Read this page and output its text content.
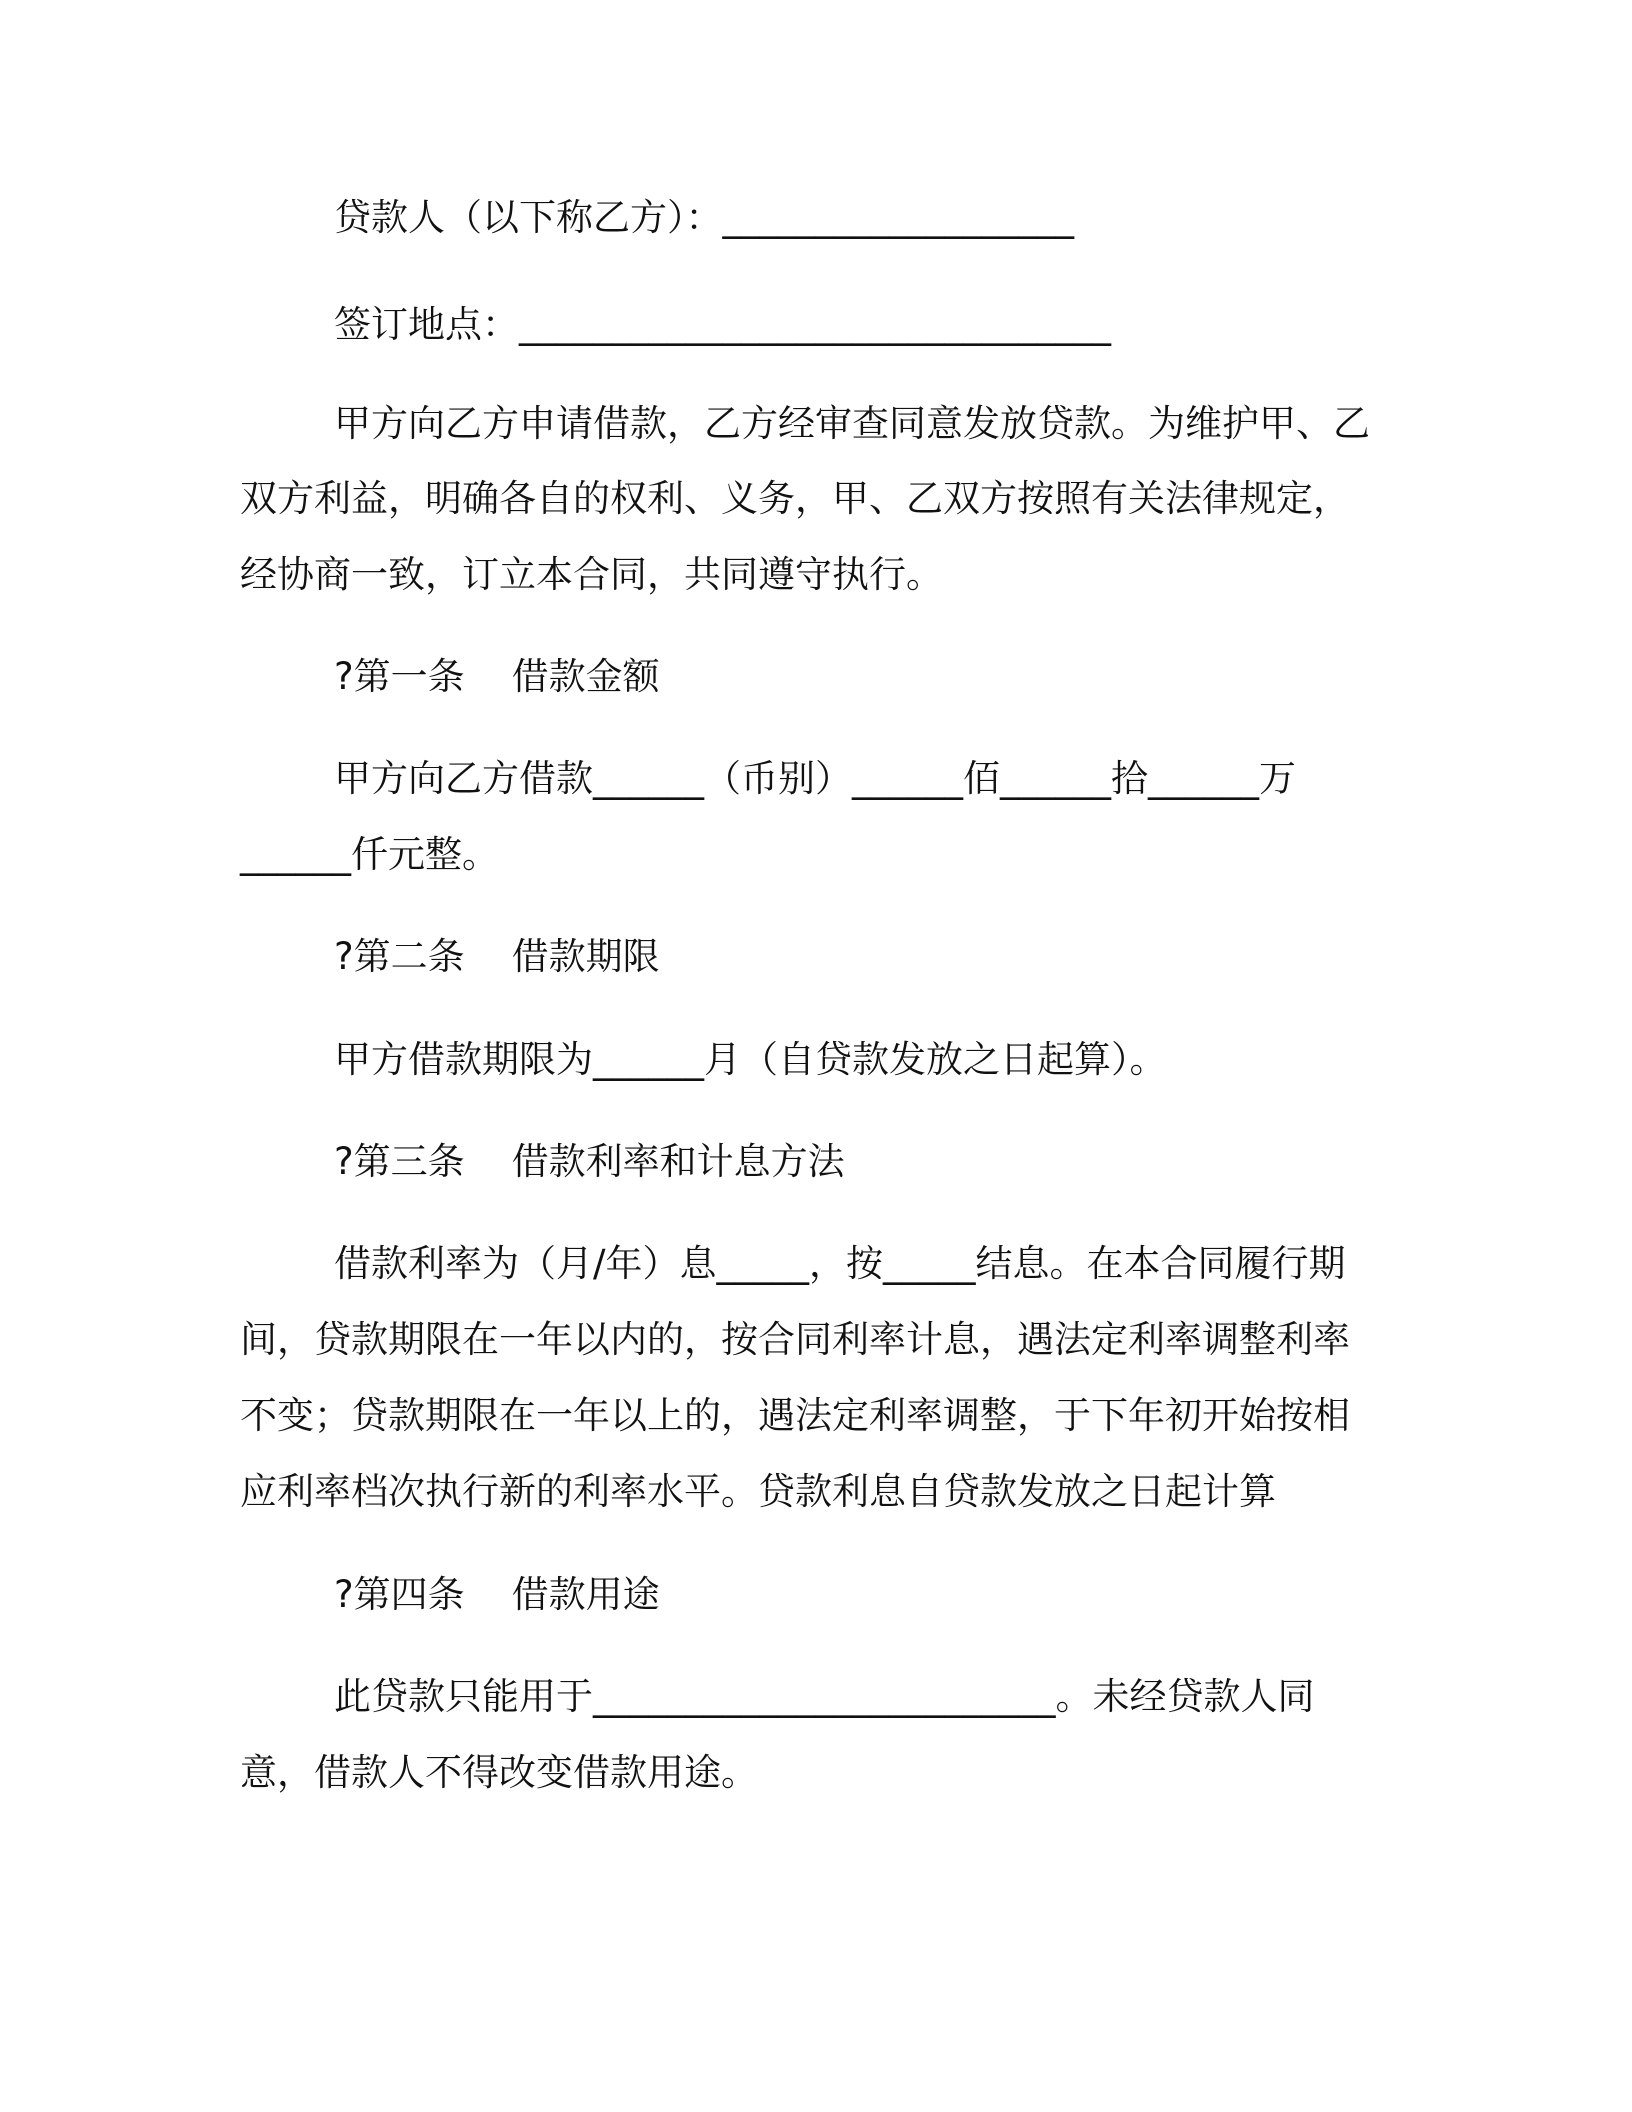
贷款人（以下称乙方）：___________________

签订地点：________________________________

甲方向乙方申请借款，乙方经审查同意发放贷款。为维护甲、乙

双方利益，明确各自的权利、义务，甲、乙双方按照有关法律规定，

经协商一致，订立本合同，共同遵守执行。

?第一条    借款金额

甲方向乙方借款______（币别）______佰______拾______万

______仟元整。

?第二条    借款期限

甲方借款期限为______月（自贷款发放之日起算）。

?第三条    借款利率和计息方法

借款利率为（月/年）息_____，按_____结息。在本合同履行期

间，贷款期限在一年以内的，按合同利率计息，遇法定利率调整利率

不变；贷款期限在一年以上的，遇法定利率调整，于下年初开始按相

应利率档次执行新的利率水平。贷款利息自贷款发放之日起计算

?第四条    借款用途

此贷款只能用于_________________________。未经贷款人同

意，借款人不得改变借款用途。
